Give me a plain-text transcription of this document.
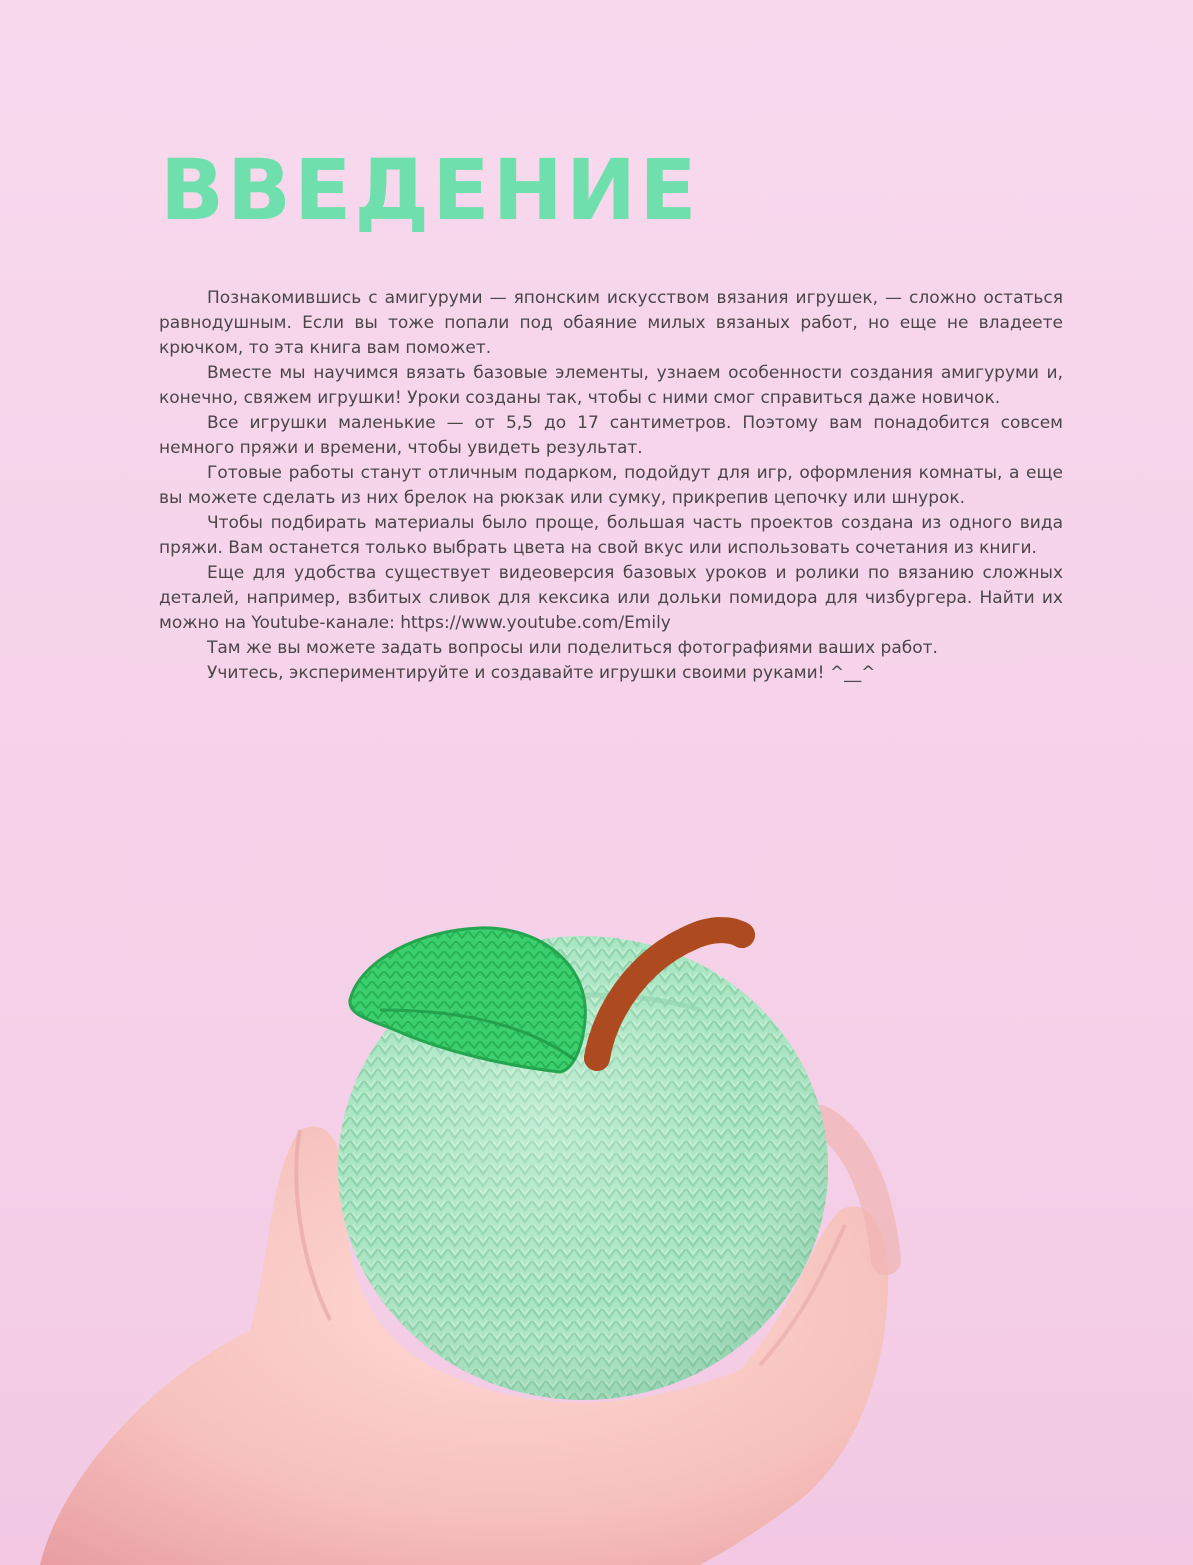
ВВЕДЕНИЕ

Познакомившись с амигуруми — японским искусством вязания игрушек, — сложно остаться равнодушным. Если вы тоже попали под обаяние милых вязаных работ, но еще не владеете крючком, то эта книга вам поможет.

Вместе мы научимся вязать базовые элементы, узнаем особенности создания амигуруми и, конечно, свяжем игрушки! Уроки созданы так, чтобы с ними смог справиться даже новичок.

Все игрушки маленькие — от 5,5 до 17 сантиметров. Поэтому вам понадобится совсем немного пряжи и времени, чтобы увидеть результат.

Готовые работы станут отличным подарком, подойдут для игр, оформления комнаты, а еще вы можете сделать из них брелок на рюкзак или сумку, прикрепив цепочку или шнурок.

Чтобы подбирать материалы было проще, большая часть проектов создана из одного вида пряжи. Вам останется только выбрать цвета на свой вкус или использовать сочетания из книги.

Еще для удобства существует видеоверсия базовых уроков и ролики по вязанию сложных деталей, например, взбитых сливок для кексика или дольки помидора для чизбургера. Найти их можно на Youtube-канале: https://www.youtube.com/Emily

Там же вы можете задать вопросы или поделиться фотографиями ваших работ.

Учитесь, экспериментируйте и создавайте игрушки своими руками! ^__^
